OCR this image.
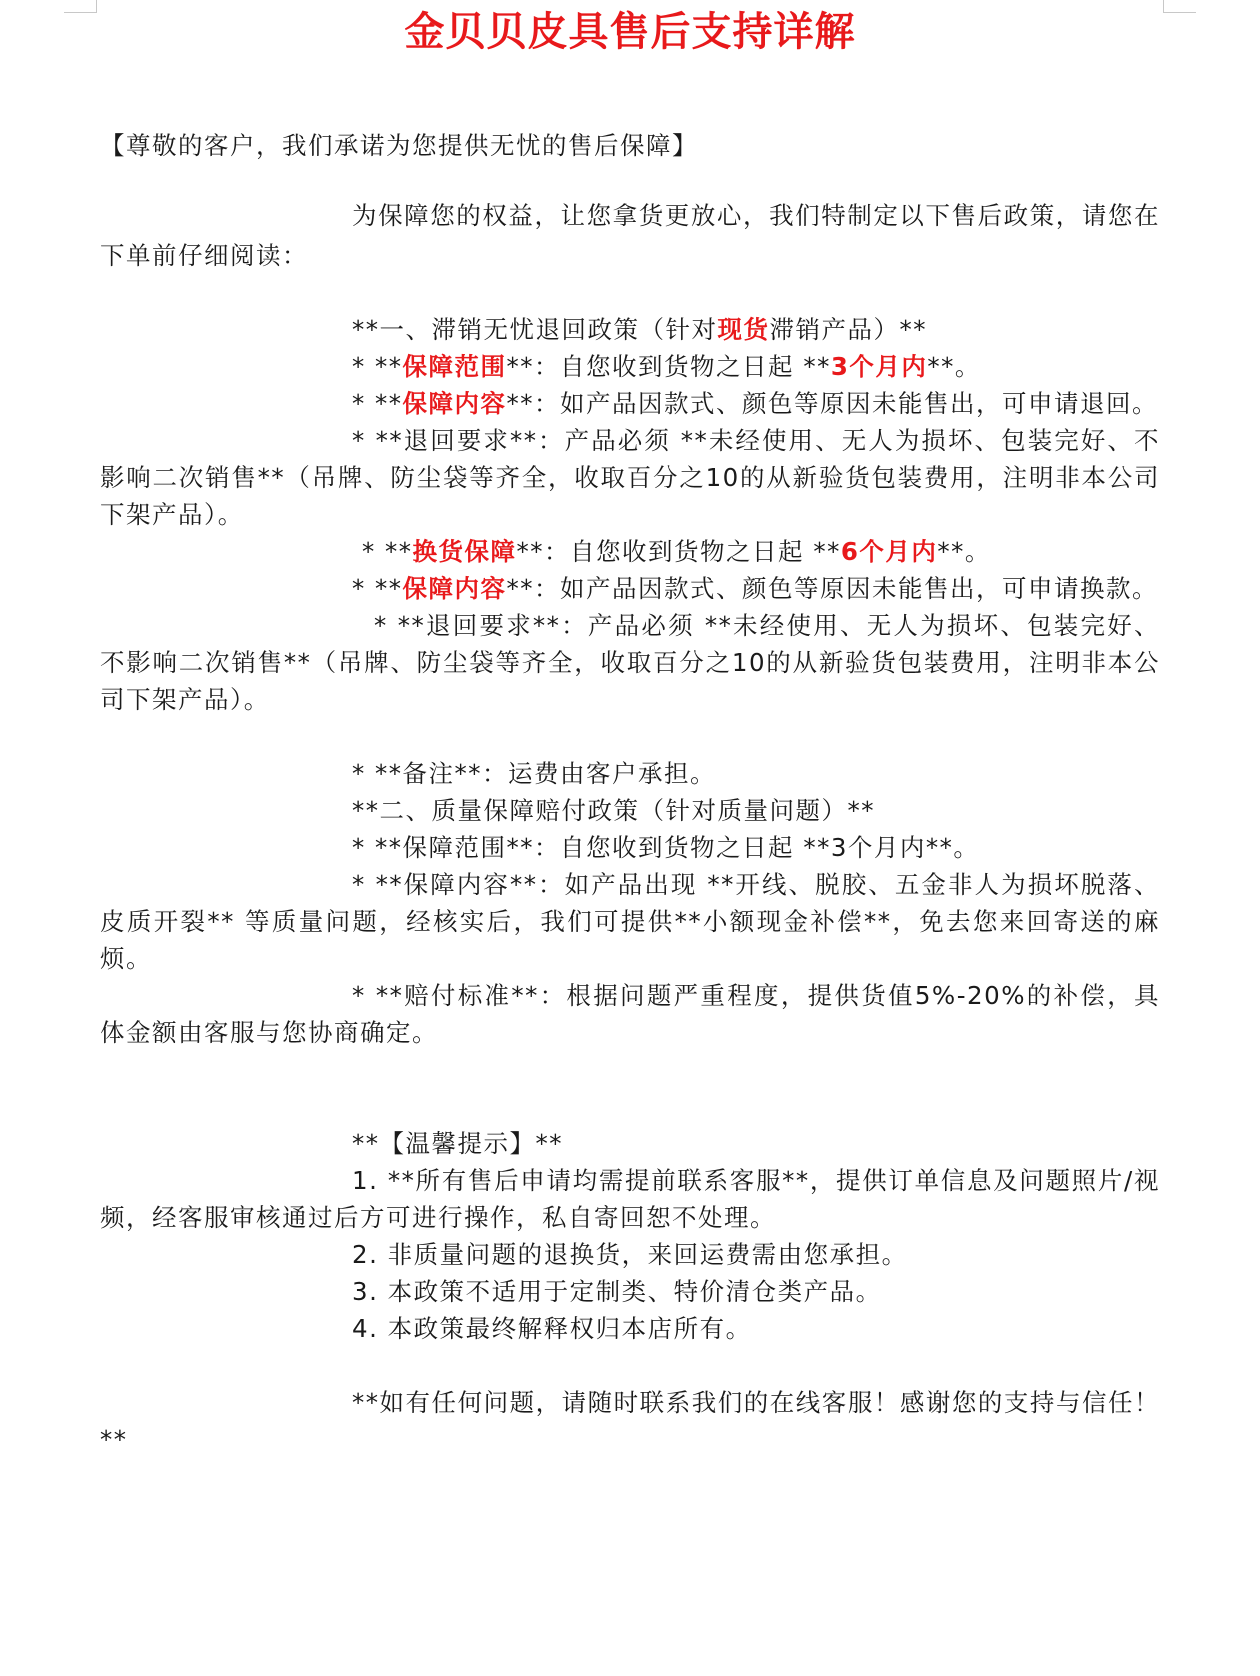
金贝贝皮具售后支持详解

【尊敬的客户，我们承诺为您提供无忧的售后保障】

为保障您的权益，让您拿货更放心，我们特制定以下售后政策，请您在下单前仔细阅读：

**一、滞销无忧退回政策（针对现货滞销产品）**

* **保障范围**：自您收到货物之日起 **3个月内**。

* **保障内容**：如产品因款式、颜色等原因未能售出，可申请退回。

* **退回要求**：产品必须 **未经使用、无人为损坏、包装完好、不影响二次销售**（吊牌、防尘袋等齐全，收取百分之10的从新验货包装费用，注明非本公司下架产品）。

* **换货保障**：自您收到货物之日起 **6个月内**。

* **保障内容**：如产品因款式、颜色等原因未能售出，可申请换款。

* **退回要求**：产品必须 **未经使用、无人为损坏、包装完好、不影响二次销售**（吊牌、防尘袋等齐全，收取百分之10的从新验货包装费用，注明非本公司下架产品）。

* **备注**：运费由客户承担。

**二、质量保障赔付政策（针对质量问题）**

* **保障范围**：自您收到货物之日起 **3个月内**。

* **保障内容**：如产品出现 **开线、脱胶、五金非人为损坏脱落、皮质开裂** 等质量问题，经核实后，我们可提供**小额现金补偿**，免去您来回寄送的麻烦。

* **赔付标准**：根据问题严重程度，提供货值5%-20%的补偿，具体金额由客服与您协商确定。

**【温馨提示】**

1. **所有售后申请均需提前联系客服**，提供订单信息及问题照片/视频，经客服审核通过后方可进行操作，私自寄回恕不处理。

2. 非质量问题的退换货，来回运费需由您承担。

3. 本政策不适用于定制类、特价清仓类产品。

4. 本政策最终解释权归本店所有。

**如有任何问题，请随时联系我们的在线客服！感谢您的支持与信任！**
